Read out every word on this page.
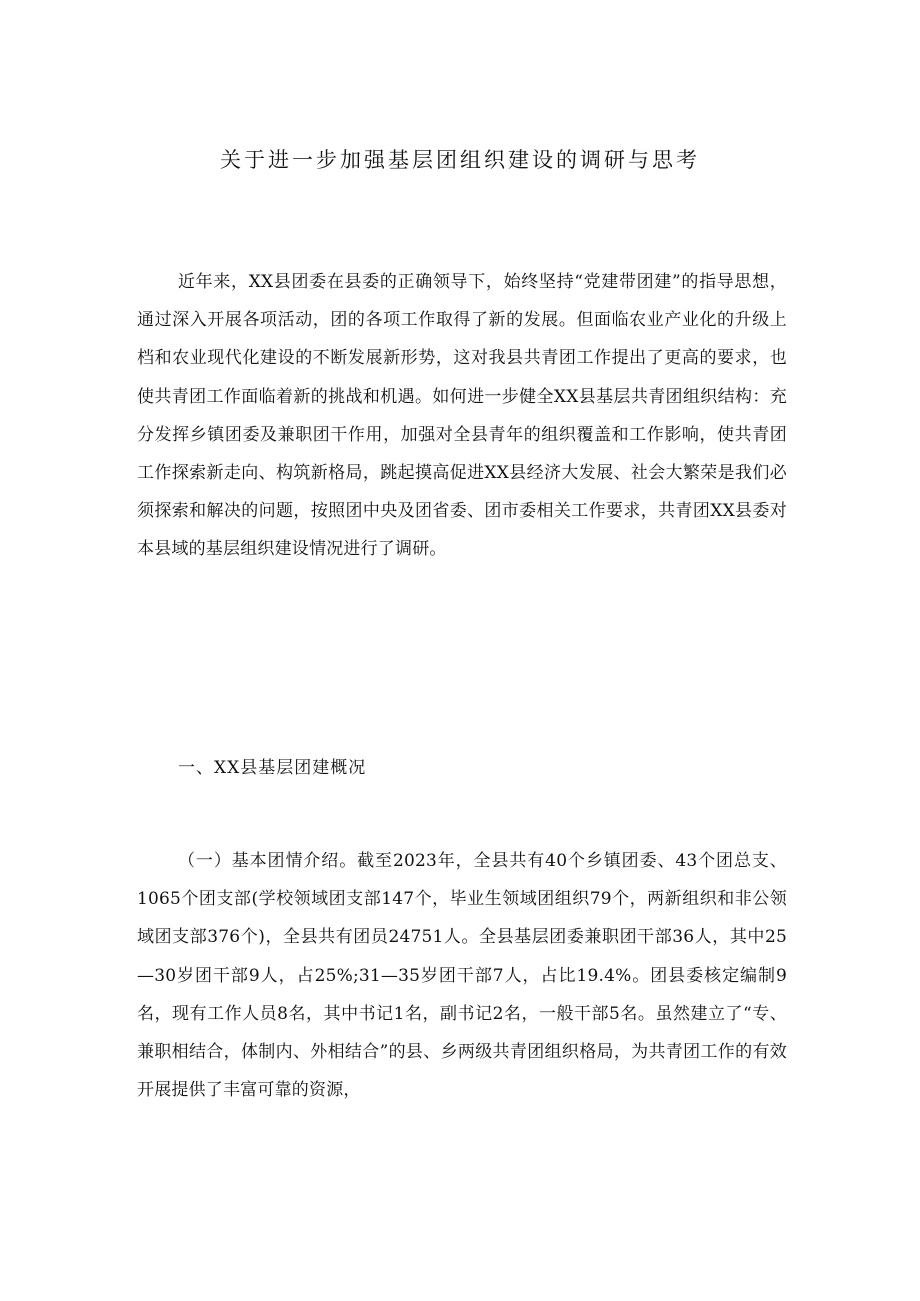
关于进一步加强基层团组织建设的调研与思考

近年来，XX县团委在县委的正确领导下，始终坚持“党建带团建”的指导思想，通过深入开展各项活动，团的各项工作取得了新的发展。但面临农业产业化的升级上档和农业现代化建设的不断发展新形势，这对我县共青团工作提出了更高的要求，也使共青团工作面临着新的挑战和机遇。如何进一步健全XX县基层共青团组织结构：充分发挥乡镇团委及兼职团干作用，加强对全县青年的组织覆盖和工作影响，使共青团工作探索新走向、构筑新格局，跳起摸高促进XX县经济大发展、社会大繁荣是我们必须探索和解决的问题，按照团中央及团省委、团市委相关工作要求，共青团XX县委对本县域的基层组织建设情况进行了调研。

一、XX县基层团建概况

（一）基本团情介绍。截至2023年，全县共有40个乡镇团委、43个团总支、1065个团支部(学校领域团支部147个，毕业生领域团组织79个，两新组织和非公领域团支部376个)，全县共有团员24751人。全县基层团委兼职团干部36人，其中25—30岁团干部9人，占25%;31—35岁团干部7人，占比19.4%。团县委核定编制9名，现有工作人员8名，其中书记1名，副书记2名，一般干部5名。虽然建立了“专、兼职相结合，体制内、外相结合”的县、乡两级共青团组织格局，为共青团工作的有效开展提供了丰富可靠的资源，
